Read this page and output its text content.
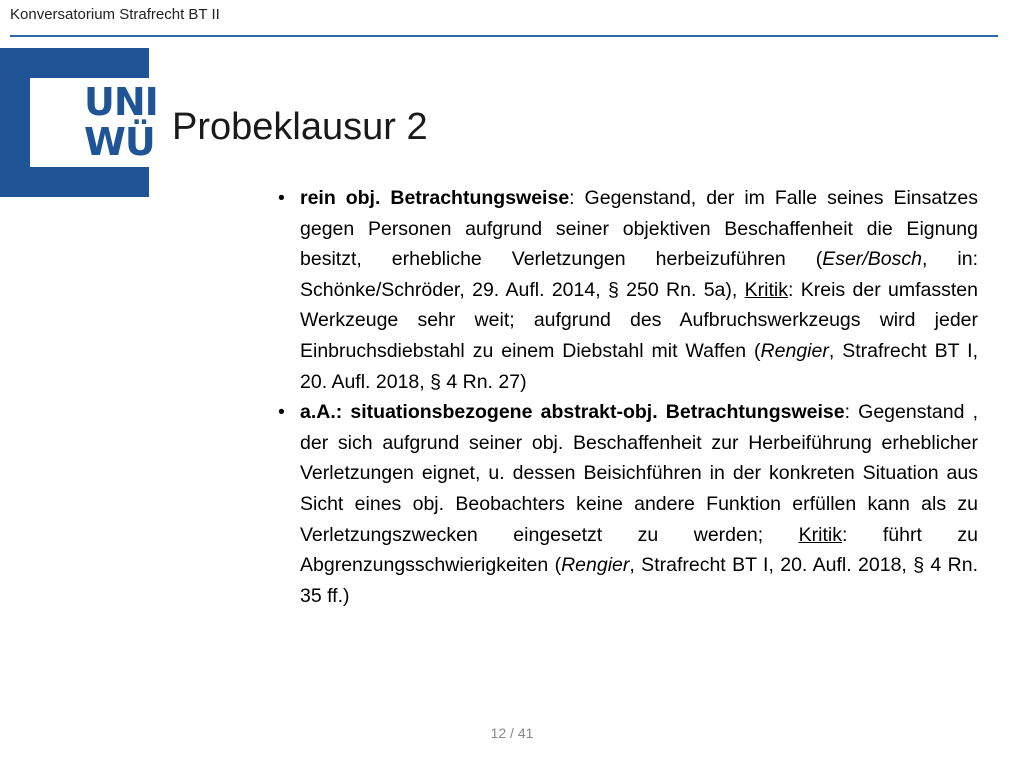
Konversatorium Strafrecht BT II
UNI
WÜ Probeklausur 2
• rein obj. Betrachtungsweise: Gegenstand, der im Falle seines Einsatzes gegen Personen aufgrund seiner objektiven Beschaffenheit die Eignung besitzt, erhebliche Verletzungen herbeizuführen (Eser/Bosch, in: Schönke/Schröder, 29. Aufl. 2014, § 250 Rn. 5a), Kritik: Kreis der umfassten Werkzeuge sehr weit; aufgrund des Aufbruchswerkzeugs wird jeder Einbruchsdiebstahl zu einem Diebstahl mit Waffen (Rengier, Strafrecht BT I, 20. Aufl. 2018, § 4 Rn. 27)
• a.A.: situationsbezogene abstrakt-obj. Betrachtungsweise: Gegenstand , der sich aufgrund seiner obj. Beschaffenheit zur Herbeiführung erheblicher Verletzungen eignet, u. dessen Beisichführen in der konkreten Situation aus Sicht eines obj. Beobachters keine andere Funktion erfüllen kann als zu Verletzungszwecken eingesetzt zu werden; Kritik: führt zu Abgrenzungsschwierigkeiten (Rengier, Strafrecht BT I, 20. Aufl. 2018, § 4 Rn. 35 ff.)
12 / 41
